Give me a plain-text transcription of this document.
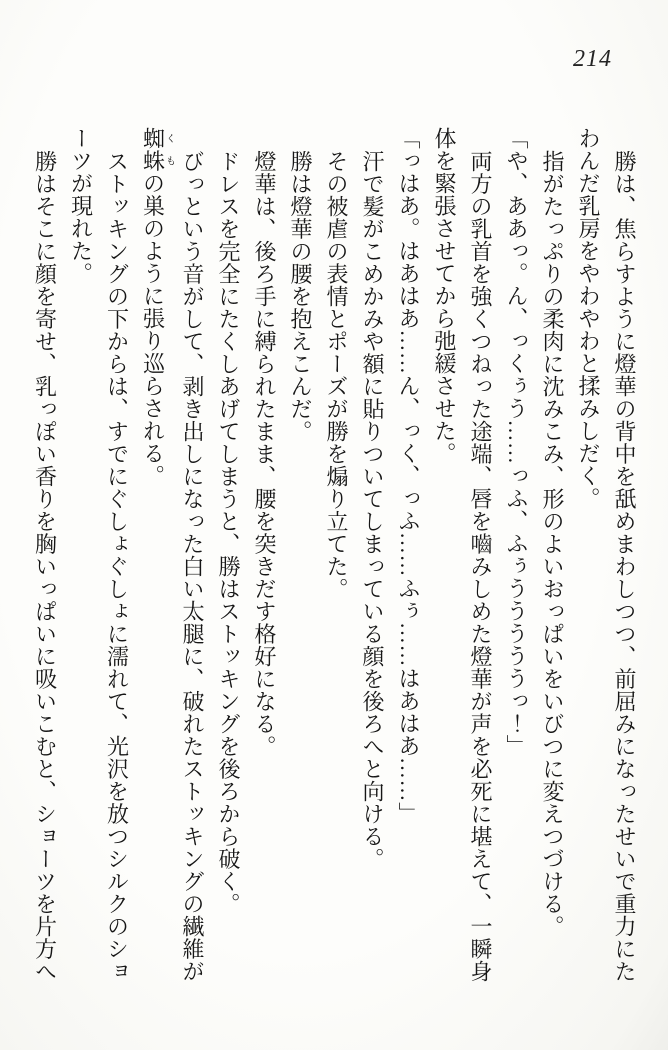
214
勝は、焦らすように燈華の背中を舐めまわしつつ、前屈みになったせいで重力にた
わんだ乳房をやわやわと揉みしだく。
指がたっぷりの柔肉に沈みこみ、形のよいおっぱいをいびつに変えつづける。
「や、ああっ。ん、っくぅう……っふ、ふぅうううううっ！」
両方の乳首を強くつねった途端、唇を嚙みしめた燈華が声を必死に堪えて、一瞬身
体を緊張させてから弛緩させた。
「っはあ。はあはあ……ん、っく、っふ……ふぅ……はあはあ……」
汗で髪がこめかみや額に貼りついてしまっている顔を後ろへと向ける。
その被虐の表情とポーズが勝を煽り立てた。
勝は燈華の腰を抱えこんだ。
燈華は、後ろ手に縛られたまま、腰を突きだす格好になる。
ドレスを完全にたくしあげてしまうと、勝はストッキングを後ろから破く。
びっという音がして、剥き出しになった白い太腿に、破れたストッキングの繊維が
蜘蛛くもの巣のように張り巡らされる。
ストッキングの下からは、すでにぐしょぐしょに濡れて、光沢を放つシルクのショ
ーツが現れた。
勝はそこに顔を寄せ、乳っぽい香りを胸いっぱいに吸いこむと、ショーツを片方へ
